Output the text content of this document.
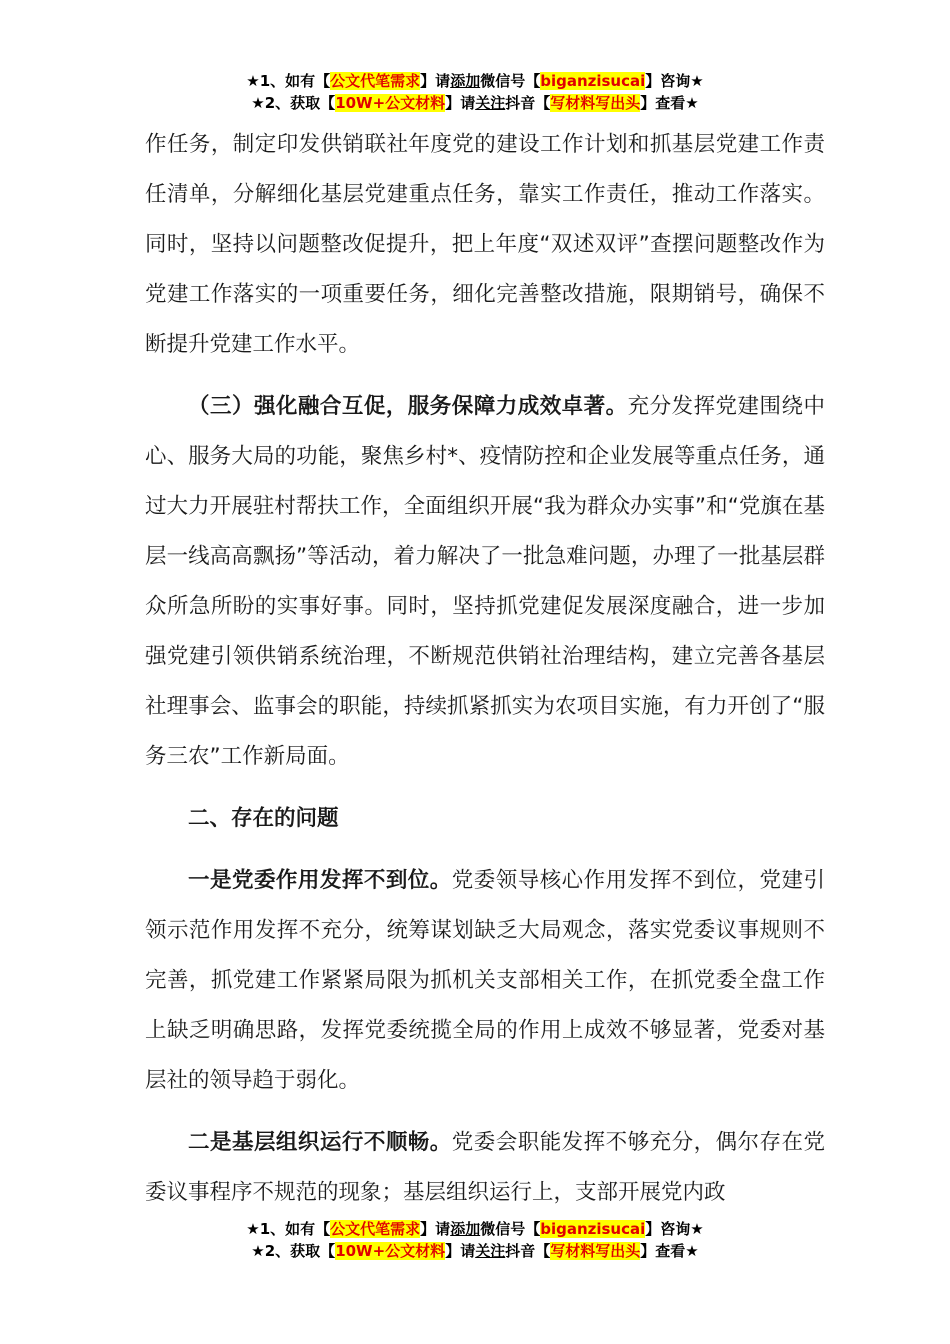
★1、如有【公文代笔需求】请添加微信号【biganzisucai】咨询★
★2、获取【10W+公文材料】请关注抖音【写材料写出头】查看★

作任务，制定印发供销联社年度党的建设工作计划和抓基层党建工作责任清单，分解细化基层党建重点任务，靠实工作责任，推动工作落实。同时，坚持以问题整改促提升，把上年度“双述双评”查摆问题整改作为党建工作落实的一项重要任务，细化完善整改措施，限期销号，确保不断提升党建工作水平。

（三）强化融合互促，服务保障力成效卓著。充分发挥党建围绕中心、服务大局的功能，聚焦乡村*、疫情防控和企业发展等重点任务，通过大力开展驻村帮扶工作，全面组织开展“我为群众办实事”和“党旗在基层一线高高飘扬”等活动，着力解决了一批急难问题，办理了一批基层群众所急所盼的实事好事。同时，坚持抓党建促发展深度融合，进一步加强党建引领供销系统治理，不断规范供销社治理结构，建立完善各基层社理事会、监事会的职能，持续抓紧抓实为农项目实施，有力开创了“服务三农”工作新局面。

二、存在的问题

一是党委作用发挥不到位。党委领导核心作用发挥不到位，党建引领示范作用发挥不充分，统筹谋划缺乏大局观念，落实党委议事规则不完善，抓党建工作紧紧局限为抓机关支部相关工作，在抓党委全盘工作上缺乏明确思路，发挥党委统揽全局的作用上成效不够显著，党委对基层社的领导趋于弱化。

二是基层组织运行不顺畅。党委会职能发挥不够充分，偶尔存在党委议事程序不规范的现象；基层组织运行上，支部开展党内政

★1、如有【公文代笔需求】请添加微信号【biganzisucai】咨询★
★2、获取【10W+公文材料】请关注抖音【写材料写出头】查看★
